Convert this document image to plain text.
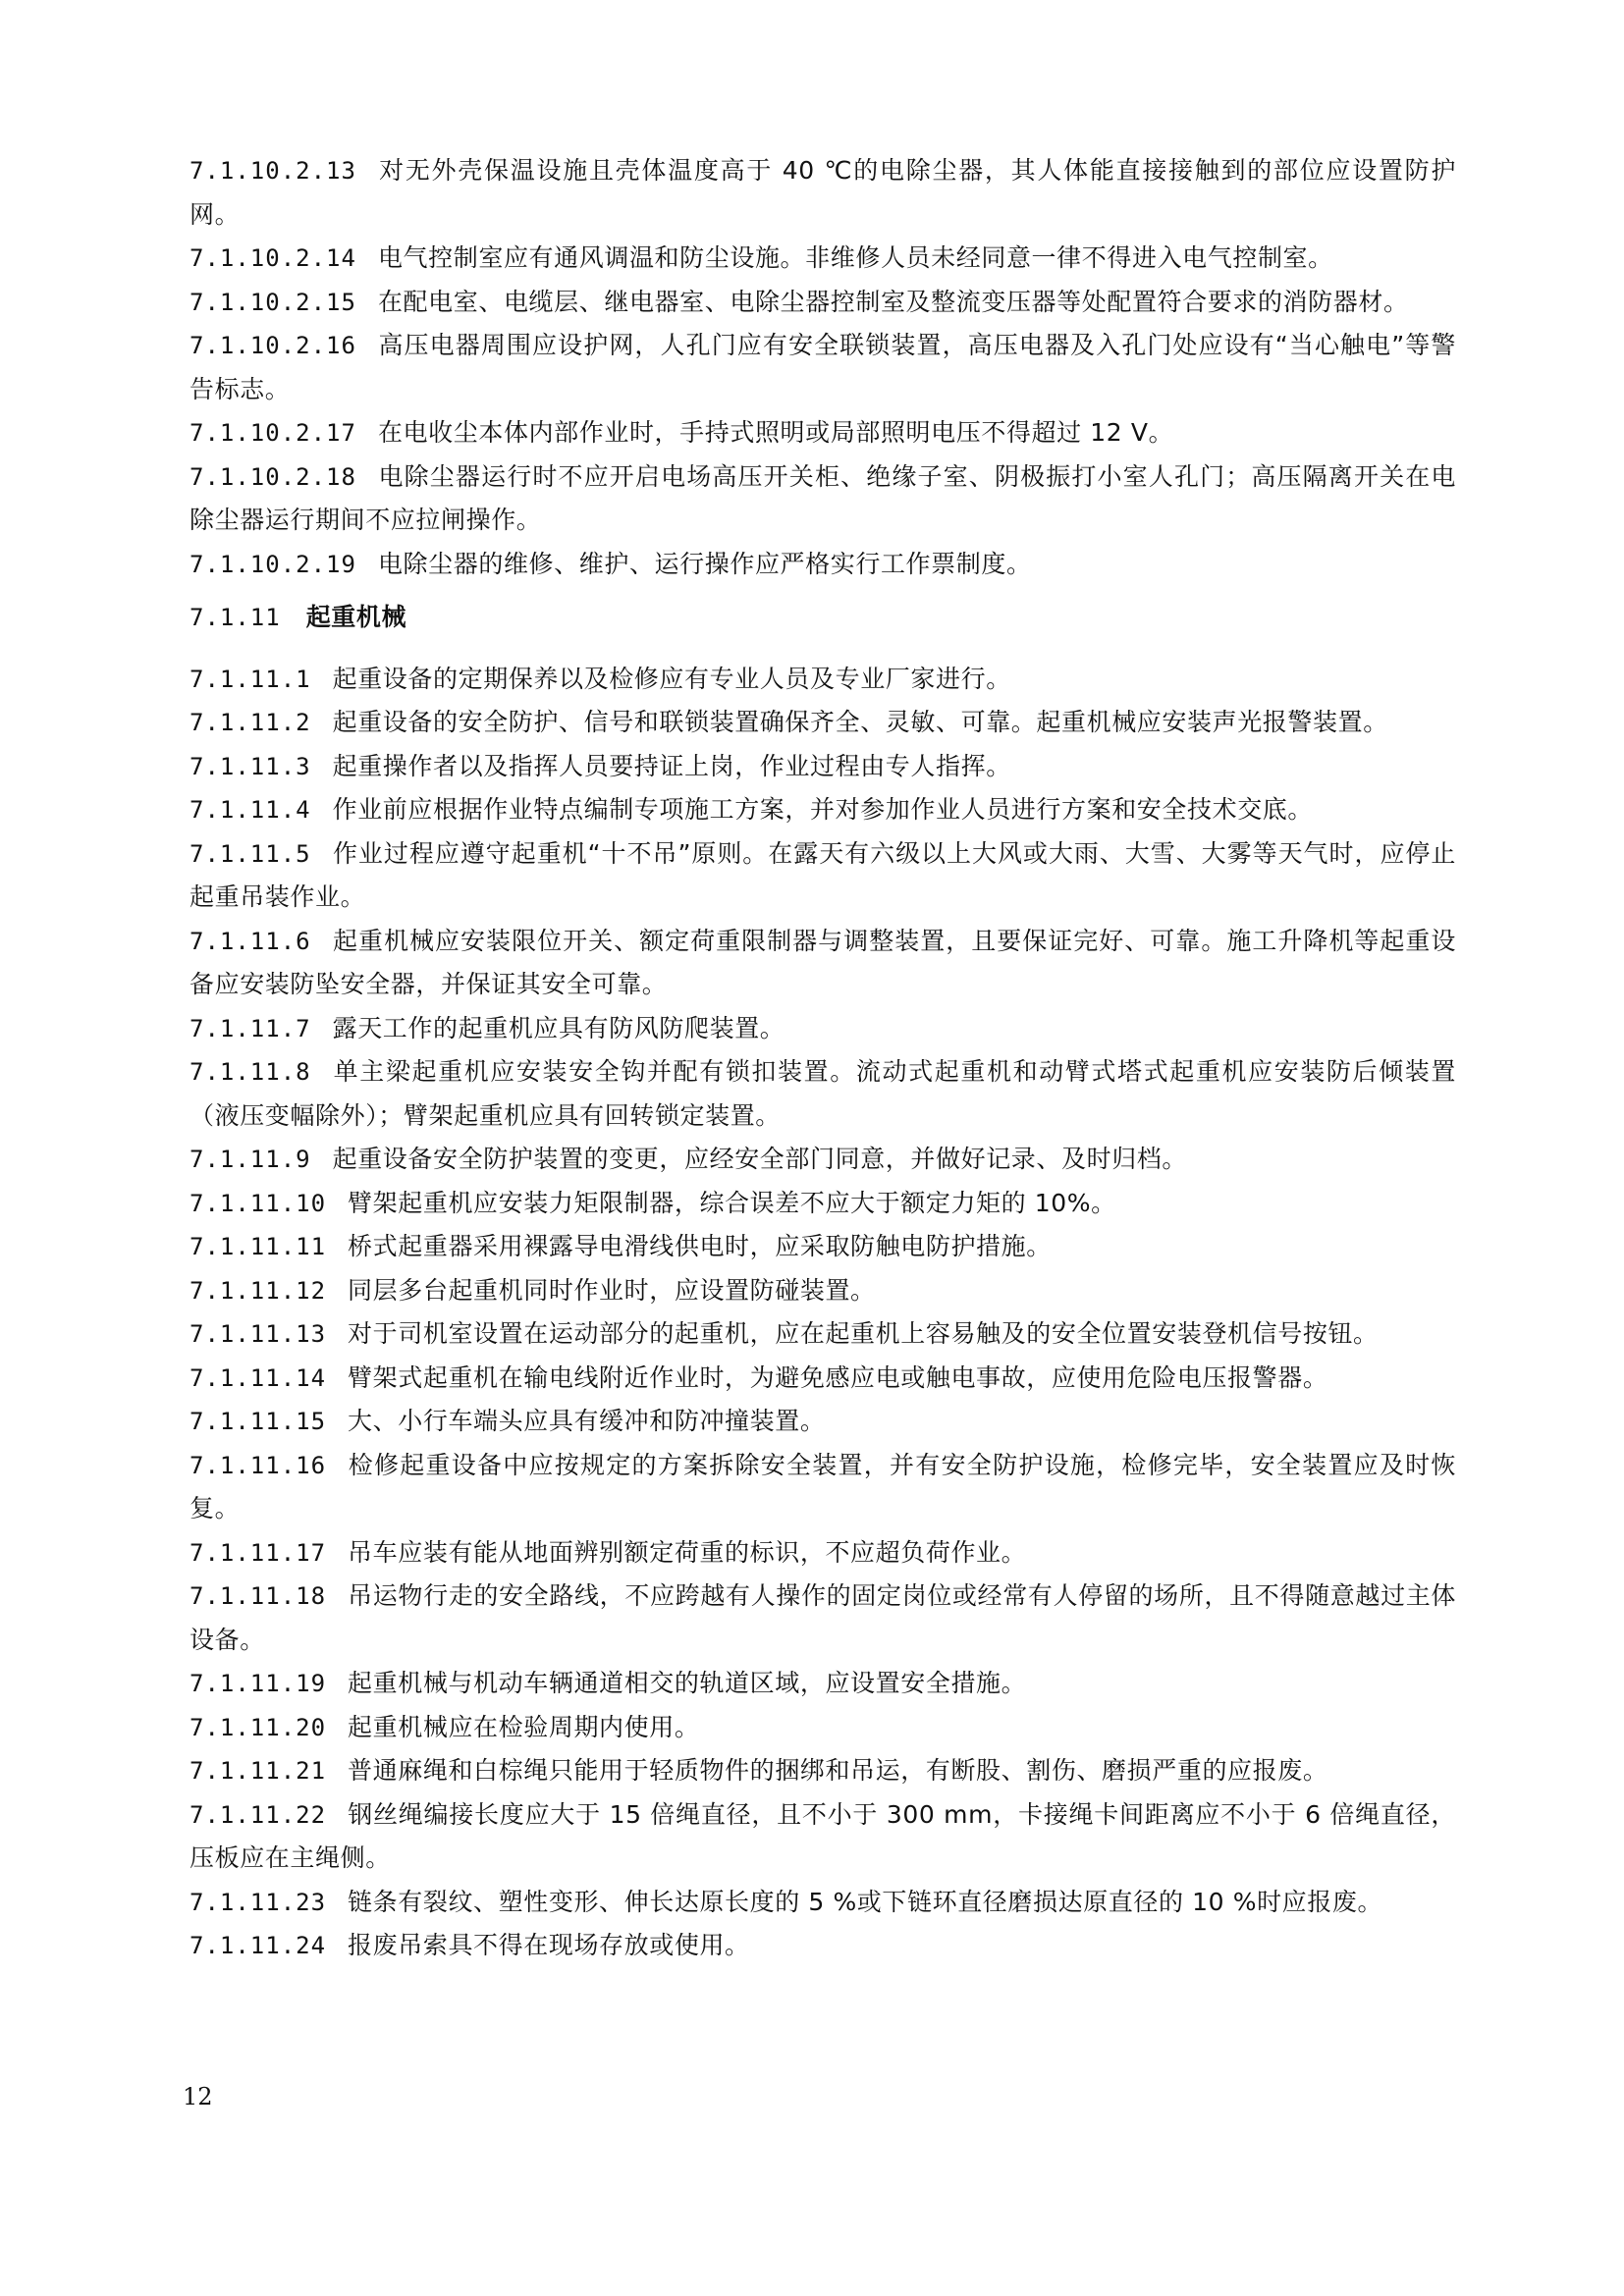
7.1.10.2.13 对无外壳保温设施且壳体温度高于 40 ℃的电除尘器，其人体能直接接触到的部位应设置防护网。

7.1.10.2.14 电气控制室应有通风调温和防尘设施。非维修人员未经同意一律不得进入电气控制室。

7.1.10.2.15 在配电室、电缆层、继电器室、电除尘器控制室及整流变压器等处配置符合要求的消防器材。

7.1.10.2.16 高压电器周围应设护网，人孔门应有安全联锁装置，高压电器及入孔门处应设有“当心触电”等警告标志。

7.1.10.2.17 在电收尘本体内部作业时，手持式照明或局部照明电压不得超过 12 V。

7.1.10.2.18 电除尘器运行时不应开启电场高压开关柜、绝缘子室、阴极振打小室人孔门；高压隔离开关在电除尘器运行期间不应拉闸操作。

7.1.10.2.19 电除尘器的维修、维护、运行操作应严格实行工作票制度。

7.1.11 起重机械

7.1.11.1 起重设备的定期保养以及检修应有专业人员及专业厂家进行。

7.1.11.2 起重设备的安全防护、信号和联锁装置确保齐全、灵敏、可靠。起重机械应安装声光报警装置。

7.1.11.3 起重操作者以及指挥人员要持证上岗，作业过程由专人指挥。

7.1.11.4 作业前应根据作业特点编制专项施工方案，并对参加作业人员进行方案和安全技术交底。

7.1.11.5 作业过程应遵守起重机“十不吊”原则。在露天有六级以上大风或大雨、大雪、大雾等天气时，应停止起重吊装作业。

7.1.11.6 起重机械应安装限位开关、额定荷重限制器与调整装置，且要保证完好、可靠。施工升降机等起重设备应安装防坠安全器，并保证其安全可靠。

7.1.11.7 露天工作的起重机应具有防风防爬装置。

7.1.11.8 单主梁起重机应安装安全钩并配有锁扣装置。流动式起重机和动臂式塔式起重机应安装防后倾装置（液压变幅除外）；臂架起重机应具有回转锁定装置。

7.1.11.9 起重设备安全防护装置的变更，应经安全部门同意，并做好记录、及时归档。

7.1.11.10 臂架起重机应安装力矩限制器，综合误差不应大于额定力矩的 10%。

7.1.11.11 桥式起重器采用裸露导电滑线供电时，应采取防触电防护措施。

7.1.11.12 同层多台起重机同时作业时，应设置防碰装置。

7.1.11.13 对于司机室设置在运动部分的起重机，应在起重机上容易触及的安全位置安装登机信号按钮。

7.1.11.14 臂架式起重机在输电线附近作业时，为避免感应电或触电事故，应使用危险电压报警器。

7.1.11.15 大、小行车端头应具有缓冲和防冲撞装置。

7.1.11.16 检修起重设备中应按规定的方案拆除安全装置，并有安全防护设施，检修完毕，安全装置应及时恢复。

7.1.11.17 吊车应装有能从地面辨别额定荷重的标识，不应超负荷作业。

7.1.11.18 吊运物行走的安全路线，不应跨越有人操作的固定岗位或经常有人停留的场所，且不得随意越过主体设备。

7.1.11.19 起重机械与机动车辆通道相交的轨道区域，应设置安全措施。

7.1.11.20 起重机械应在检验周期内使用。

7.1.11.21 普通麻绳和白棕绳只能用于轻质物件的捆绑和吊运，有断股、割伤、磨损严重的应报废。

7.1.11.22 钢丝绳编接长度应大于 15 倍绳直径，且不小于 300 mm，卡接绳卡间距离应不小于 6 倍绳直径，压板应在主绳侧。

7.1.11.23 链条有裂纹、塑性变形、伸长达原长度的 5 %或下链环直径磨损达原直径的 10 %时应报废。

7.1.11.24 报废吊索具不得在现场存放或使用。

12
